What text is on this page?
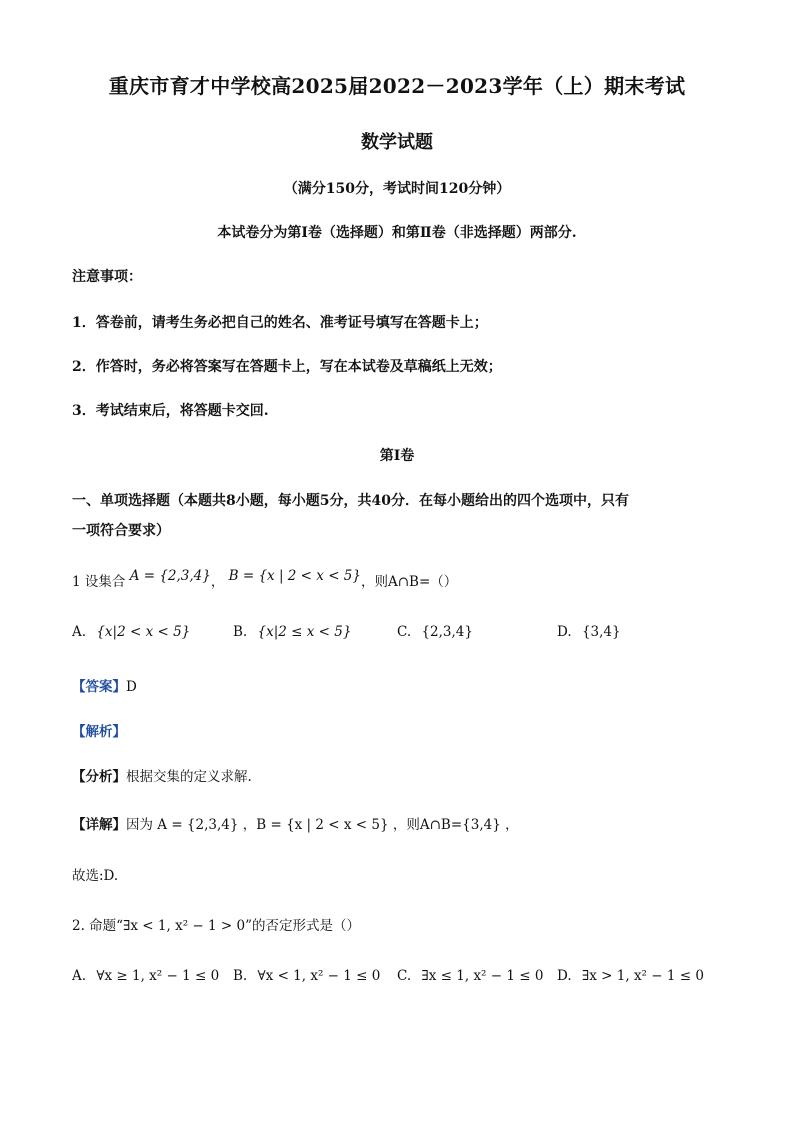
重庆市育才中学校高2025届2022－2023学年（上）期末考试
数学试题
（满分150分，考试时间120分钟）
本试卷分为第Ⅰ卷（选择题）和第Ⅱ卷（非选择题）两部分.
注意事项：
1．答卷前，请考生务必把自己的姓名、准考证号填写在答题卡上；
2．作答时，务必将答案写在答题卡上，写在本试卷及草稿纸上无效；
3．考试结束后，将答题卡交回.
第Ⅰ卷
一、单项选择题（本题共8小题，每小题5分，共40分．在每小题给出的四个选项中，只有
一项符合要求）
1 设集合 A = {2,3,4}， B = {x | 2 < x < 5}，则A∩B=（）
A. {x|2 < x < 5}	B. {x|2 ≤ x < 5}	C. {2,3,4}	D. {3,4}
【答案】D
【解析】
【分析】根据交集的定义求解.
【详解】因为 A = {2,3,4} ，B = {x | 2 < x < 5} ，则A∩B={3,4} ，
故选:D.
2. 命题“∃x < 1, x² − 1 > 0”的否定形式是（）
A. ∀x ≥ 1, x² − 1 ≤ 0 B. ∀x < 1, x² − 1 ≤ 0 C. ∃x ≤ 1, x² − 1 ≤ 0 D. ∃x > 1, x² − 1 ≤ 0
